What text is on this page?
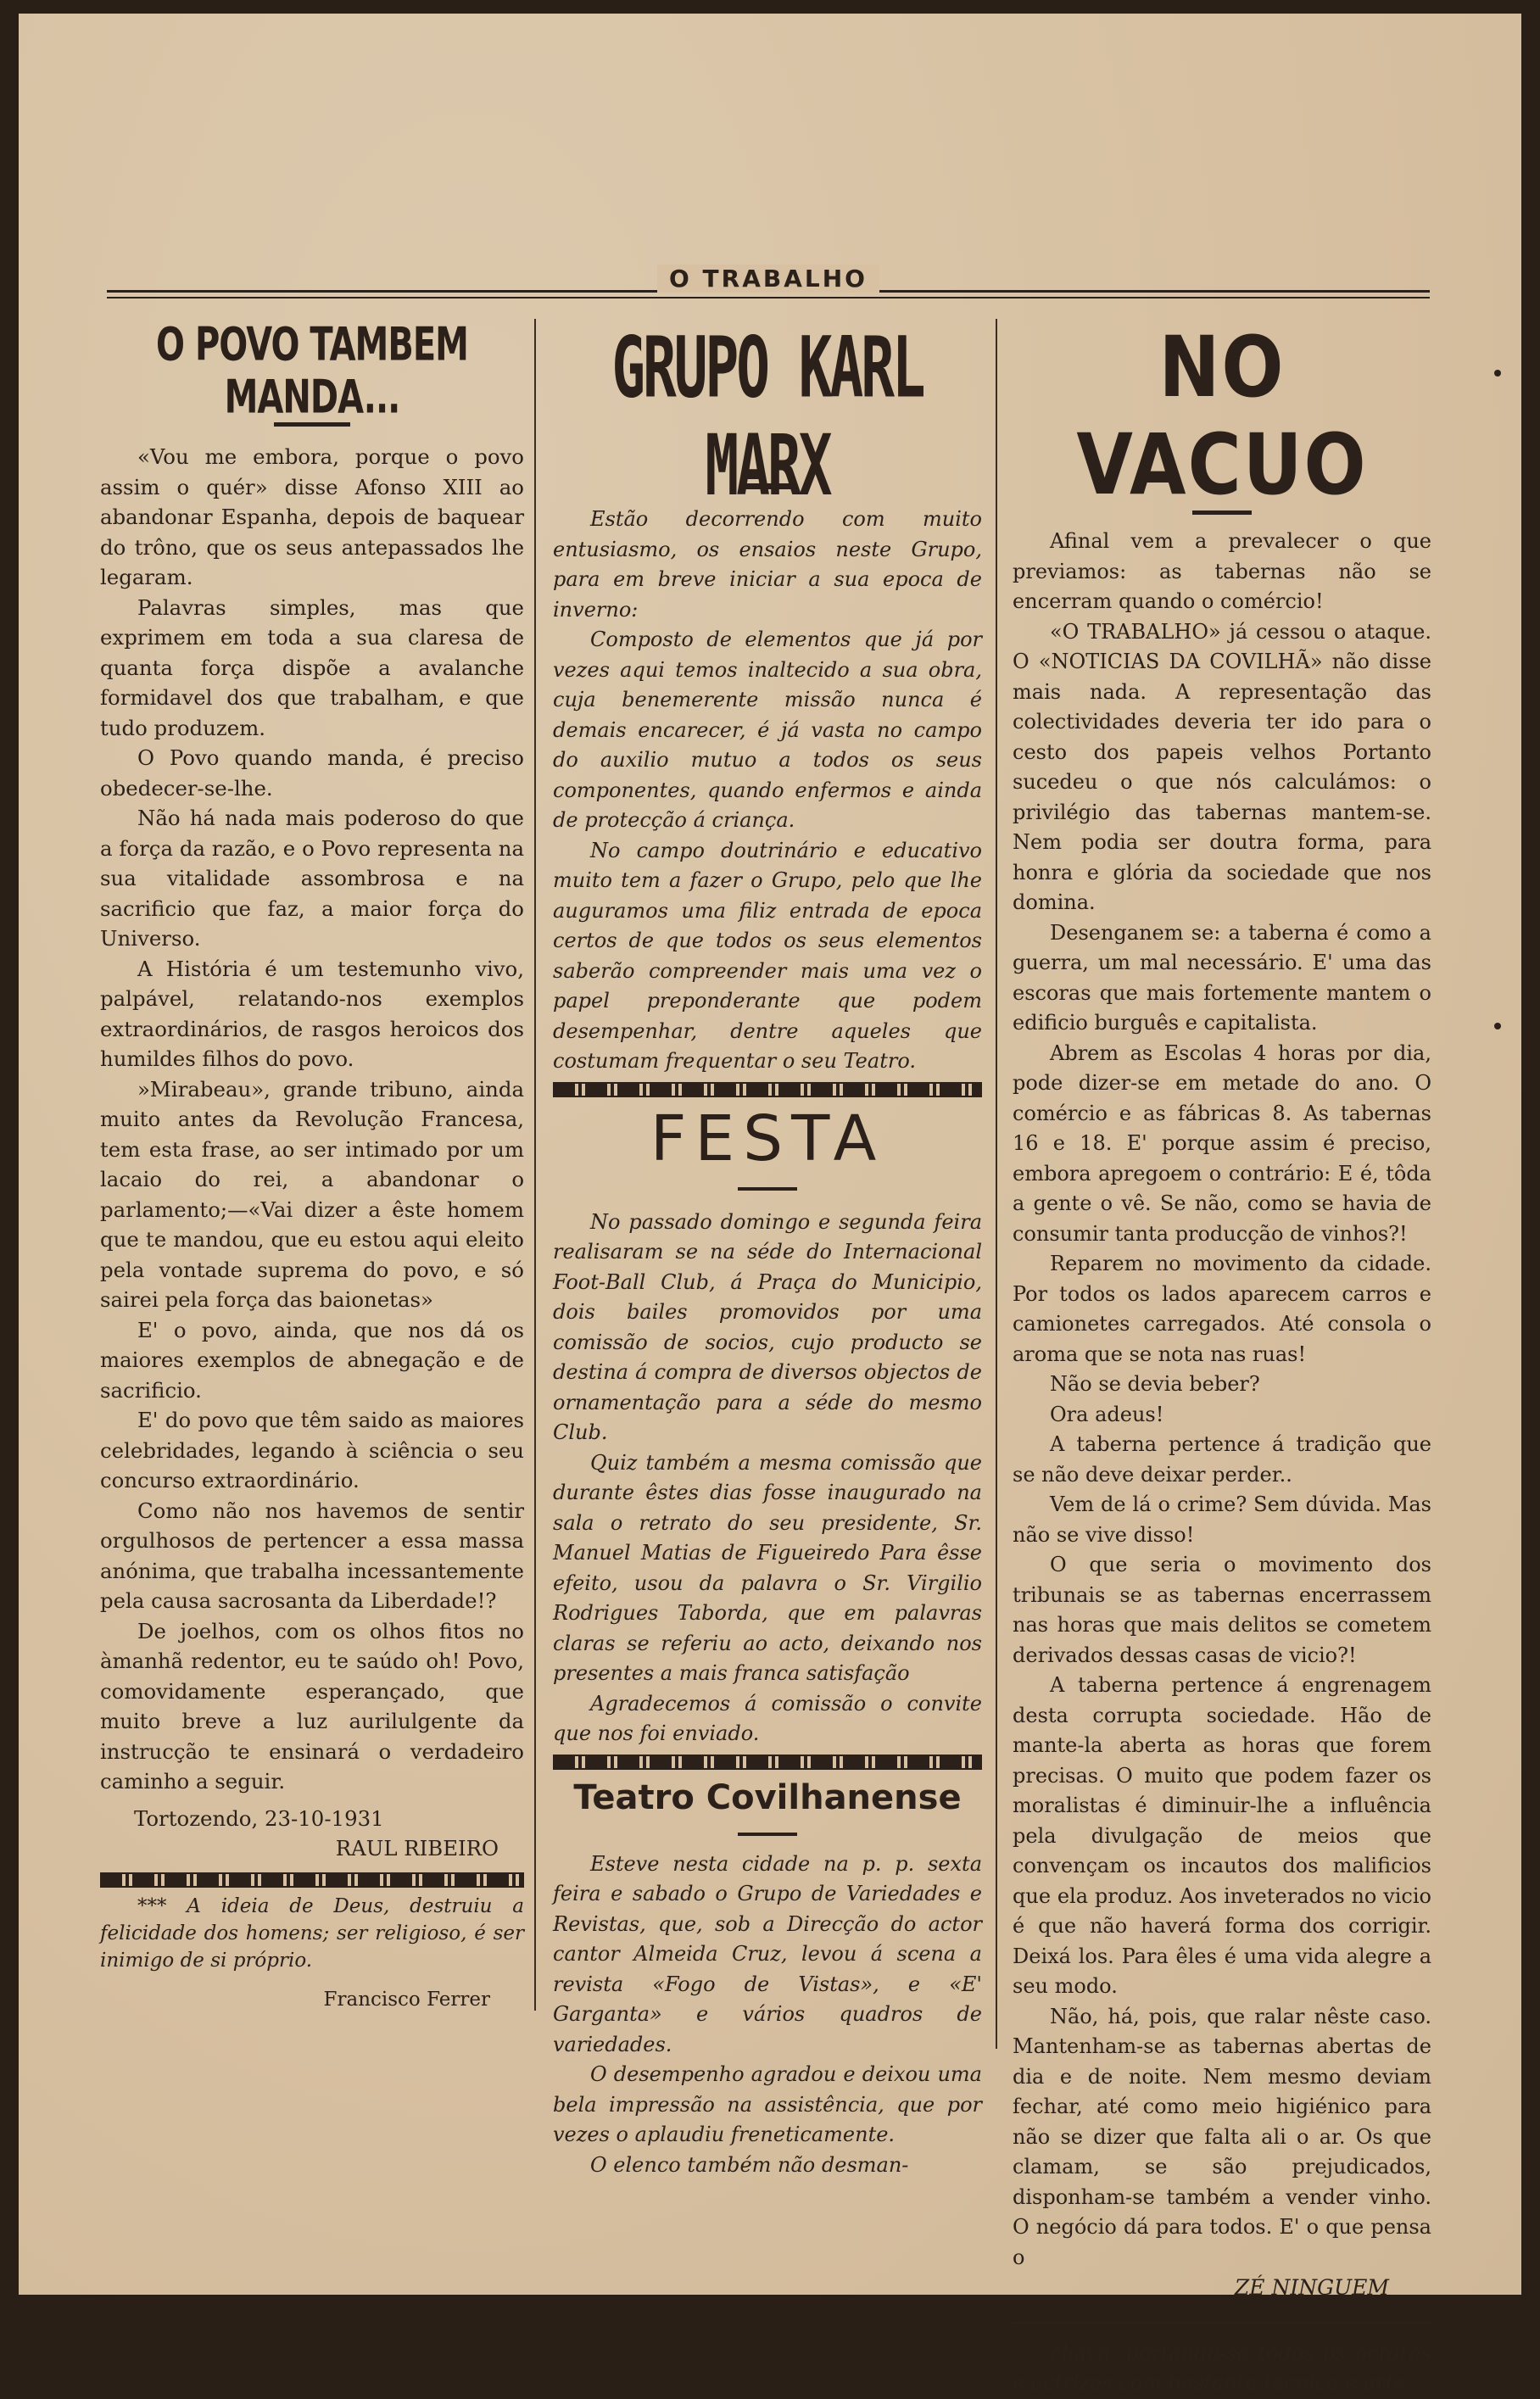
O TRABALHO
O POVO TAMBEM MANDA...

«Vou me embora, porque o povo assim o quér» disse Afonso XIII ao abandonar Espanha, depois de baquear do trôno, que os seus antepassados lhe legaram.

Palavras simples, mas que exprimem em toda a sua claresa de quanta força dispõe a avalanche formidavel dos que trabalham, e que tudo produzem.

O Povo quando manda, é preciso obedecer-se-lhe.

Não há nada mais poderoso do que a força da razão, e o Povo representa na sua vitalidade assombrosa e na sacrificio que faz, a maior força do Universo.

A História é um testemunho vivo, palpável, relatando-nos exemplos extraordinários, de rasgos heroicos dos humildes filhos do povo.

»Mirabeau», grande tribuno, ainda muito antes da Revolução Francesa, tem esta frase, ao ser intimado por um lacaio do rei, a abandonar o parlamento;—«Vai dizer a êste homem que te mandou, que eu estou aqui eleito pela vontade suprema do povo, e só sairei pela força das baionetas»

E' o povo, ainda, que nos dá os maiores exemplos de abnegação e de sacrificio.

E' do povo que têm saido as maiores celebridades, legando à sciência o seu concurso extraordinário.

Como não nos havemos de sentir orgulhosos de pertencer a essa massa anónima, que trabalha incessantemente pela causa sacrosanta da Liberdade!?

De joelhos, com os olhos fitos no àmanhã redentor, eu te saúdo oh! Povo, comovidamente esperançado, que muito breve a luz aurilulgente da instrucção te ensinará o verdadeiro caminho a seguir.

Tortozendo, 23-10-1931

RAUL RIBEIRO

*** A ideia de Deus, destruiu a felicidade dos homens; ser religioso, é ser inimigo de si próprio.

Francisco Ferrer

GRUPO KARL MARX

Estão decorrendo com muito entusiasmo, os ensaios neste Grupo, para em breve iniciar a sua epoca de inverno:

Composto de elementos que já por vezes aqui temos inaltecido a sua obra, cuja benemerente missão nunca é demais encarecer, é já vasta no campo do auxilio mutuo a todos os seus componentes, quando enfermos e ainda de protecção á criança.

No campo doutrinário e educativo muito tem a fazer o Grupo, pelo que lhe auguramos uma filiz entrada de epoca certos de que todos os seus elementos saberão compreender mais uma vez o papel preponderante que podem desempenhar, dentre aqueles que costumam frequentar o seu Teatro.

FESTA

No passado domingo e segunda feira realisaram se na séde do Internacional Foot-Ball Club, á Praça do Municipio, dois bailes promovidos por uma comissão de socios, cujo producto se destina á compra de diversos objectos de ornamentação para a séde do mesmo Club.

Quiz também a mesma comissão que durante êstes dias fosse inaugurado na sala o retrato do seu presidente, Sr. Manuel Matias de Figueiredo Para êsse efeito, usou da palavra o Sr. Virgilio Rodrigues Taborda, que em palavras claras se referiu ao acto, deixando nos presentes a mais franca satisfação

Agradecemos á comissão o convite que nos foi enviado.

Teatro Covilhanense

Esteve nesta cidade na p. p. sexta feira e sabado o Grupo de Variedades e Revistas, que, sob a Direcção do actor cantor Almeida Cruz, levou á scena a revista «Fogo de Vistas», e «E' Garganta» e vários quadros de variedades.

O desempenho agradou e deixou uma bela impressão na assistência, que por vezes o aplaudiu freneticamente.

O elenco também não desman-

NO VACUO

Afinal vem a prevalecer o que previamos: as tabernas não se encerram quando o comércio!

«O TRABALHO» já cessou o ataque. O «NOTICIAS DA COVILHÃ» não disse mais nada. A representação das colectividades deveria ter ido para o cesto dos papeis velhos Portanto sucedeu o que nós calculámos: o privilégio das tabernas mantem-se. Nem podia ser doutra forma, para honra e glória da sociedade que nos domina.

Desenganem se: a taberna é como a guerra, um mal necessário. E' uma das escoras que mais fortemente mantem o edificio burguês e capitalista.

Abrem as Escolas 4 horas por dia, pode dizer-se em metade do ano. O comércio e as fábricas 8. As tabernas 16 e 18. E' porque assim é preciso, embora apregoem o contrário: E é, tôda a gente o vê. Se não, como se havia de consumir tanta producção de vinhos?!

Reparem no movimento da cidade. Por todos os lados aparecem carros e camionetes carregados. Até consola o aroma que se nota nas ruas!

Não se devia beber?

Ora adeus!

A taberna pertence á tradição que se não deve deixar perder..

Vem de lá o crime? Sem dúvida. Mas não se vive disso!

O que seria o movimento dos tribunais se as tabernas encerrassem nas horas que mais delitos se cometem derivados dessas casas de vicio?!

A taberna pertence á engrenagem desta corrupta sociedade. Hão de mante-la aberta as horas que forem precisas. O muito que podem fazer os moralistas é diminuir-lhe a influência pela divulgação de meios que convençam os incautos dos malificios que ela produz. Aos inveterados no vicio é que não haverá forma dos corrigir. Deixá los. Para êles é uma vida alegre a seu modo.

Não, há, pois, que ralar nêste caso. Mantenham-se as tabernas abertas de dia e de noite. Nem mesmo deviam fechar, até como meio higiénico para não se dizer que falta ali o ar. Os que clamam, se são prejudicados, disponham-se também a vender vinho. O negócio dá para todos. E' o que pensa o

ZÉ NINGUEM

chava, portando-se todos os actores e actrizes com bastante tecnica e arte.
